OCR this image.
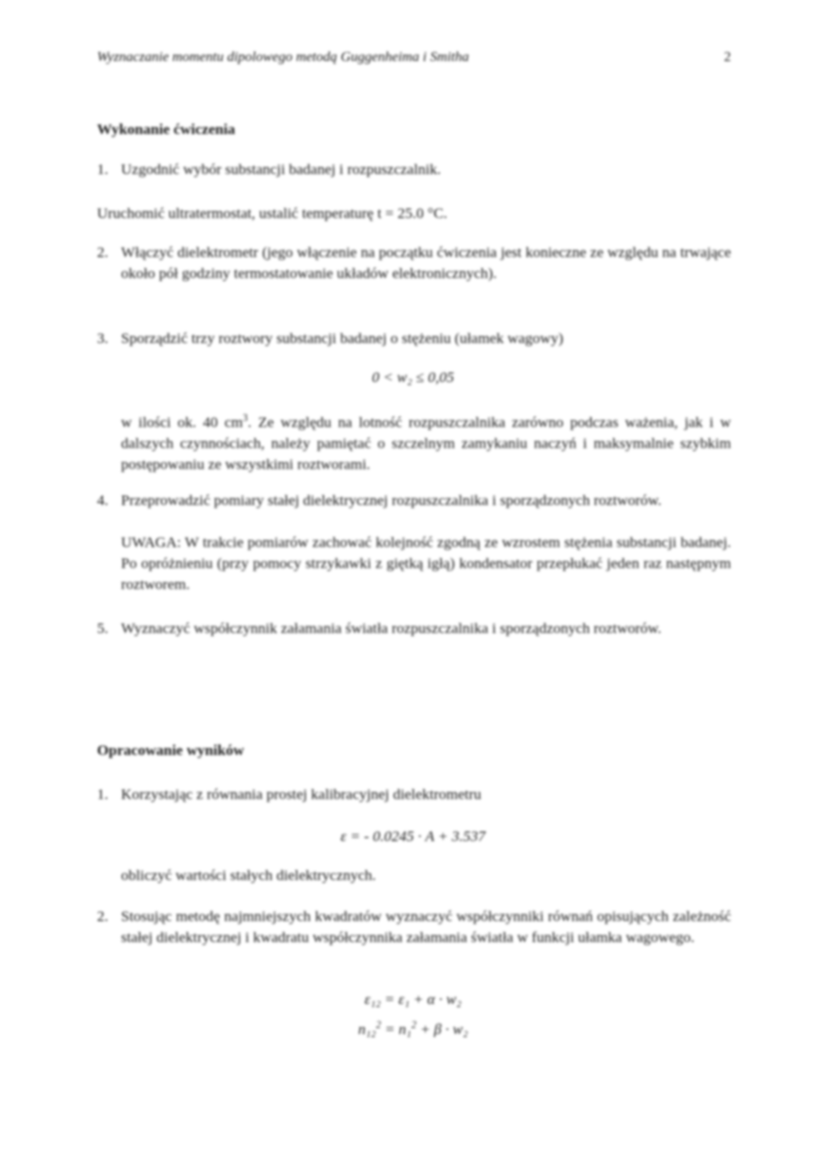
Wyznaczanie momentu dipolowego metodą Guggenheima i Smitha	2
Wykonanie ćwiczenia
1. Uzgodnić wybór substancji badanej i rozpuszczalnik.
Uruchomić ultratermostat, ustalić temperaturę t = 25.0 °C.
2. Włączyć dielektrometr (jego włączenie na początku ćwiczenia jest konieczne ze względu na trwające około pół godziny termostatowanie układów elektronicznych).
3. Sporządzić trzy roztwory substancji badanej o stężeniu (ułamek wagowy)
0 < w₂ ≤ 0,05
w ilości ok. 40 $cm^3$. Ze względu na lotność rozpuszczalnika zarówno podczas ważenia, jak i w dalszych czynnościach, należy pamiętać o szczelnym zamykaniu naczyń i maksymalnie szybkim postępowaniu ze wszystkimi roztworami.
4. Przeprowadzić pomiary stałej dielektrycznej rozpuszczalnika i sporządzonych roztworów.
UWAGA: W trakcie pomiarów zachować kolejność zgodną ze wzrostem stężenia substancji badanej. Po opróżnieniu (przy pomocy strzykawki z giętką igłą) kondensator przepłukać jeden raz następnym roztworem.
5. Wyznaczyć współczynnik załamania światła rozpuszczalnika i sporządzonych roztworów.
Opracowanie wyników
1. Korzystając z równania prostej kalibracyjnej dielektrometru
ε = - 0.0245 · A + 3.537
obliczyć wartości stałych dielektrycznych.
2. Stosując metodę najmniejszych kwadratów wyznaczyć współczynniki równań opisujących zależność stałej dielektrycznej i kwadratu współczynnika załamania światła w funkcji ułamka wagowego.
ε₁₂ = ε₁ + α · w₂
n₁₂$^2$ = n₁$^2$ + β · w₂
